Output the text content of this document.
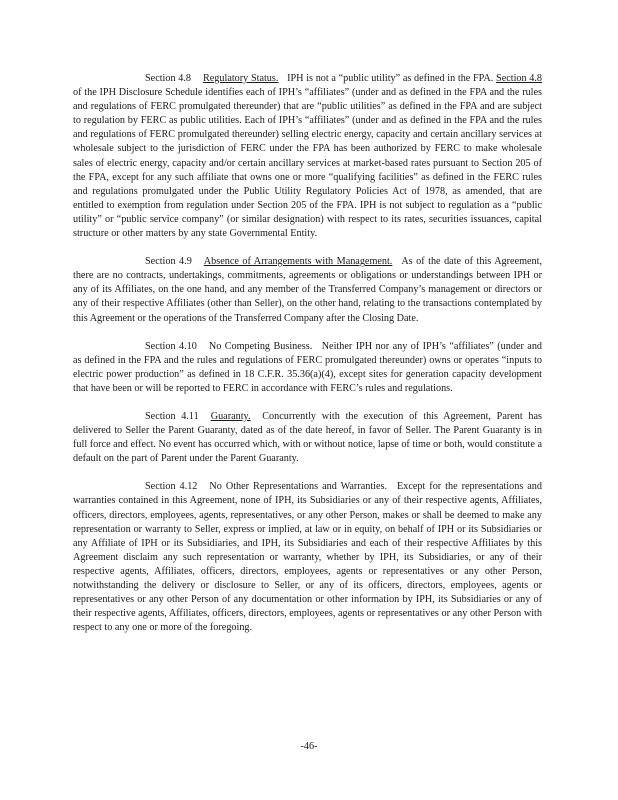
Section 4.8 Regulatory Status. IPH is not a “public utility” as defined in the FPA. Section 4.8 of the IPH Disclosure Schedule identifies each of IPH’s “affiliates” (under and as defined in the FPA and the rules and regulations of FERC promulgated thereunder) that are “public utilities” as defined in the FPA and are subject to regulation by FERC as public utilities. Each of IPH’s “affiliates” (under and as defined in the FPA and the rules and regulations of FERC promulgated thereunder) selling electric energy, capacity and certain ancillary services at wholesale subject to the jurisdiction of FERC under the FPA has been authorized by FERC to make wholesale sales of electric energy, capacity and/or certain ancillary services at market-based rates pursuant to Section 205 of the FPA, except for any such affiliate that owns one or more “qualifying facilities” as defined in the FERC rules and regulations promulgated under the Public Utility Regulatory Policies Act of 1978, as amended, that are entitled to exemption from regulation under Section 205 of the FPA. IPH is not subject to regulation as a “public utility” or “public service company” (or similar designation) with respect to its rates, securities issuances, capital structure or other matters by any state Governmental Entity.

Section 4.9 Absence of Arrangements with Management. As of the date of this Agreement, there are no contracts, undertakings, commitments, agreements or obligations or understandings between IPH or any of its Affiliates, on the one hand, and any member of the Transferred Company’s management or directors or any of their respective Affiliates (other than Seller), on the other hand, relating to the transactions contemplated by this Agreement or the operations of the Transferred Company after the Closing Date.

Section 4.10 No Competing Business. Neither IPH nor any of IPH’s “affiliates” (under and as defined in the FPA and the rules and regulations of FERC promulgated thereunder) owns or operates “inputs to electric power production” as defined in 18 C.F.R. 35.36(a)(4), except sites for generation capacity development that have been or will be reported to FERC in accordance with FERC’s rules and regulations.

Section 4.11 Guaranty. Concurrently with the execution of this Agreement, Parent has delivered to Seller the Parent Guaranty, dated as of the date hereof, in favor of Seller. The Parent Guaranty is in full force and effect. No event has occurred which, with or without notice, lapse of time or both, would constitute a default on the part of Parent under the Parent Guaranty.

Section 4.12 No Other Representations and Warranties. Except for the representations and warranties contained in this Agreement, none of IPH, its Subsidiaries or any of their respective agents, Affiliates, officers, directors, employees, agents, representatives, or any other Person, makes or shall be deemed to make any representation or warranty to Seller, express or implied, at law or in equity, on behalf of IPH or its Subsidiaries or any Affiliate of IPH or its Subsidiaries, and IPH, its Subsidiaries and each of their respective Affiliates by this Agreement disclaim any such representation or warranty, whether by IPH, its Subsidiaries, or any of their respective agents, Affiliates, officers, directors, employees, agents or representatives or any other Person, notwithstanding the delivery or disclosure to Seller, or any of its officers, directors, employees, agents or representatives or any other Person of any documentation or other information by IPH, its Subsidiaries or any of their respective agents, Affiliates, officers, directors, employees, agents or representatives or any other Person with respect to any one or more of the foregoing.

-46-
